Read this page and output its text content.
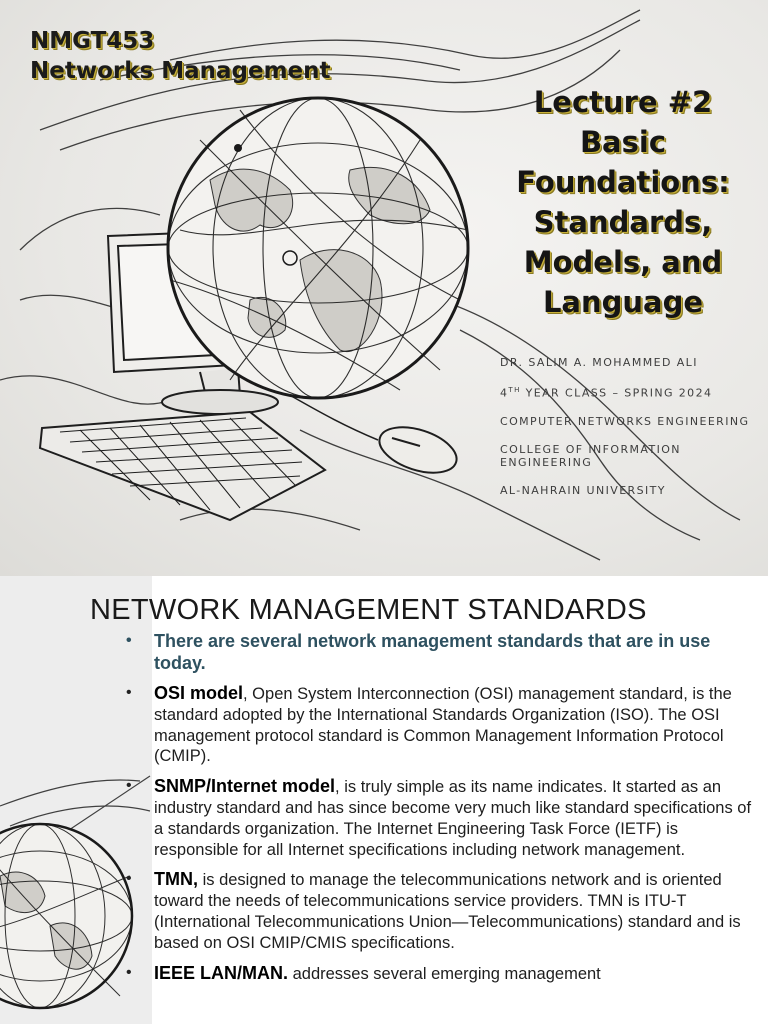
NMGT453
Networks Management
Lecture #2 Basic Foundations: Standards, Models, and Language
DR. SALIM A. MOHAMMED ALI
4TH YEAR CLASS – SPRING 2024
COMPUTER NETWORKS ENGINEERING
COLLEGE OF INFORMATION ENGINEERING
AL-NAHRAIN UNIVERSITY
NETWORK MANAGEMENT STANDARDS
• There are several network management standards that are in use today.
• OSI model, Open System Interconnection (OSI) management standard, is the standard adopted by the International Standards Organization (ISO). The OSI management protocol standard is Common Management Information Protocol (CMIP).
• SNMP/Internet model, is truly simple as its name indicates. It started as an industry standard and has since become very much like standard specifications of a standards organization. The Internet Engineering Task Force (IETF) is responsible for all Internet specifications including network management.
• TMN, is designed to manage the telecommunications network and is oriented toward the needs of telecommunications service providers. TMN is ITU-T (International Telecommunications Union—Telecommunications) standard and is based on OSI CMIP/CMIS specifications.
• IEEE LAN/MAN. addresses several emerging management
